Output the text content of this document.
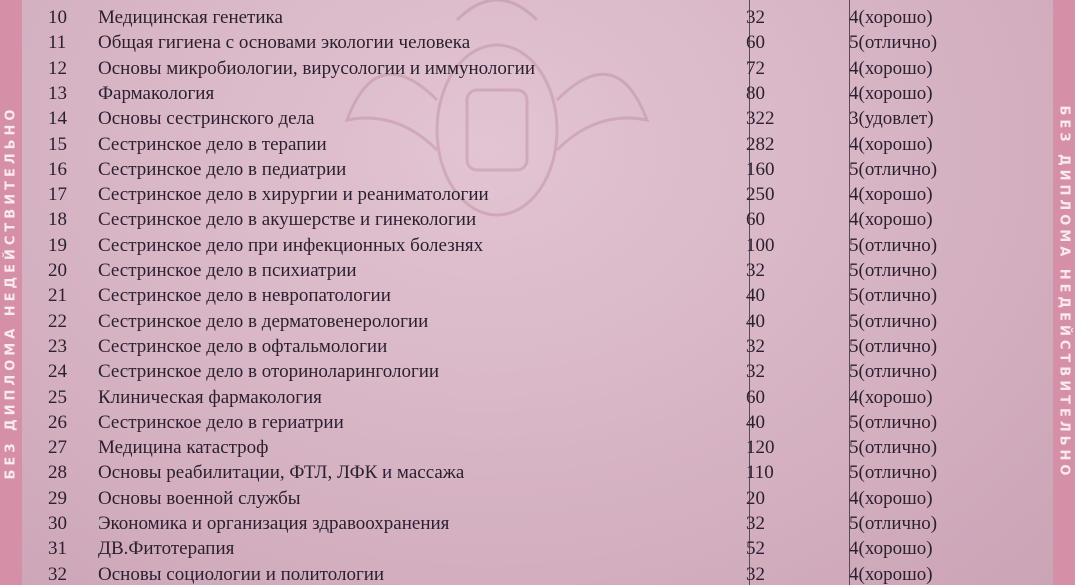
БЕЗ ДИПЛОМА НЕДЕЙСТВИТЕЛЬНО
10	Медицинская генетика	32	4(хорошо)
11	Общая гигиена с основами экологии человека	60	5(отлично)
12	Основы микробиологии, вирусологии и иммунологии	72	4(хорошо)
13	Фармакология	80	4(хорошо)
14	Основы сестринского дела	322	3(удовлет)
15	Сестринское дело в терапии	282	4(хорошо)
16	Сестринское дело в педиатрии	160	5(отлично)
17	Сестринское дело в хирургии и реаниматологии	250	4(хорошо)
18	Сестринское дело в акушерстве и гинекологии	60	4(хорошо)
19	Сестринское дело при инфекционных болезнях	100	5(отлично)
20	Сестринское дело в психиатрии	32	5(отлично)
21	Сестринское дело в невропатологии	40	5(отлично)
22	Сестринское дело в дерматовенерологии	40	5(отлично)
23	Сестринское дело в офтальмологии	32	5(отлично)
24	Сестринское дело в оториноларингологии	32	5(отлично)
25	Клиническая фармакология	60	4(хорошо)
26	Сестринское дело в гериатрии	40	5(отлично)
27	Медицина катастроф	120	5(отлично)
28	Основы реабилитации, ФТЛ, ЛФК и массажа	110	5(отлично)
29	Основы военной службы	20	4(хорошо)
30	Экономика и организация здравоохранения	32	5(отлично)
31	ДВ.Фитотерапия	52	4(хорошо)
32	Основы социологии и политологии	32	4(хорошо)
БЕЗ ДИПЛОМА НЕДЕЙСТВИТЕЛЬНО
